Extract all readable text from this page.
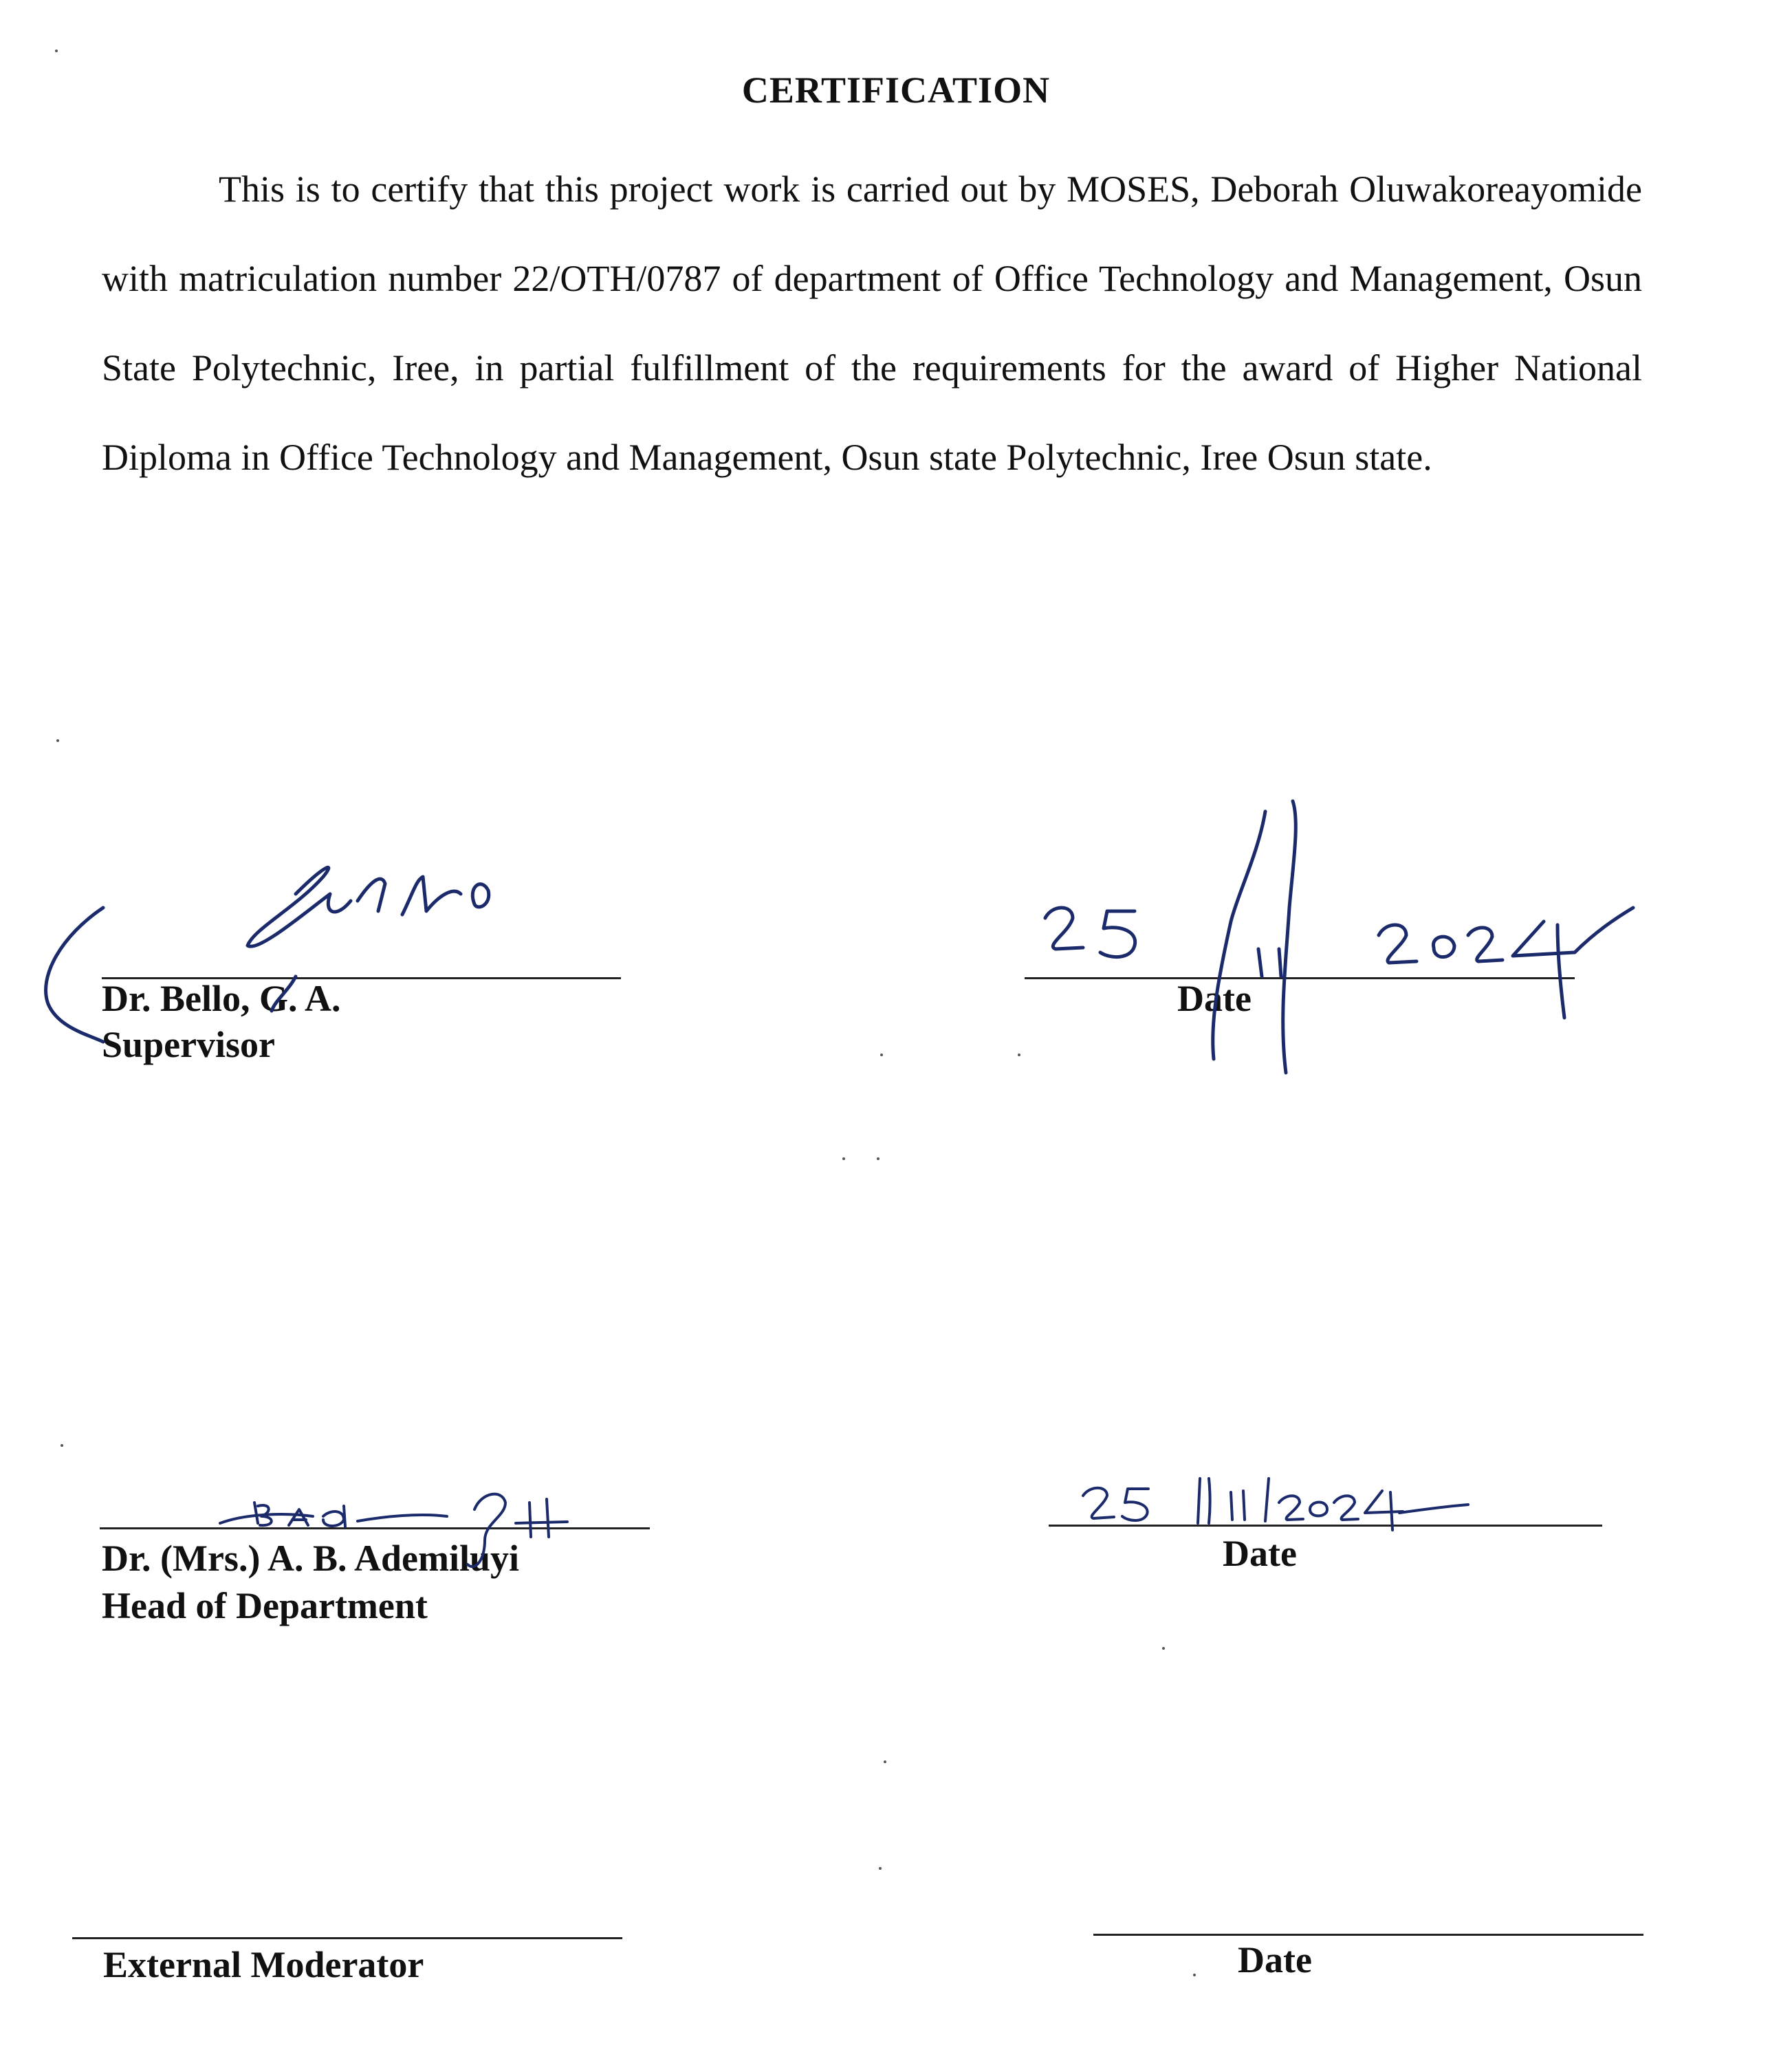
CERTIFICATION
This is to certify that this project work is carried out by MOSES, Deborah Oluwakoreayomide with matriculation number 22/OTH/0787 of department of Office Technology and Management, Osun State Polytechnic, Iree, in partial fulfillment of the requirements for the award of Higher National Diploma in Office Technology and Management, Osun state Polytechnic, Iree Osun state.
Dr. Bello, G. A.
Supervisor
Date
Dr. (Mrs.) A. B. Ademiluyi
Head of Department
Date
External Moderator	Date
